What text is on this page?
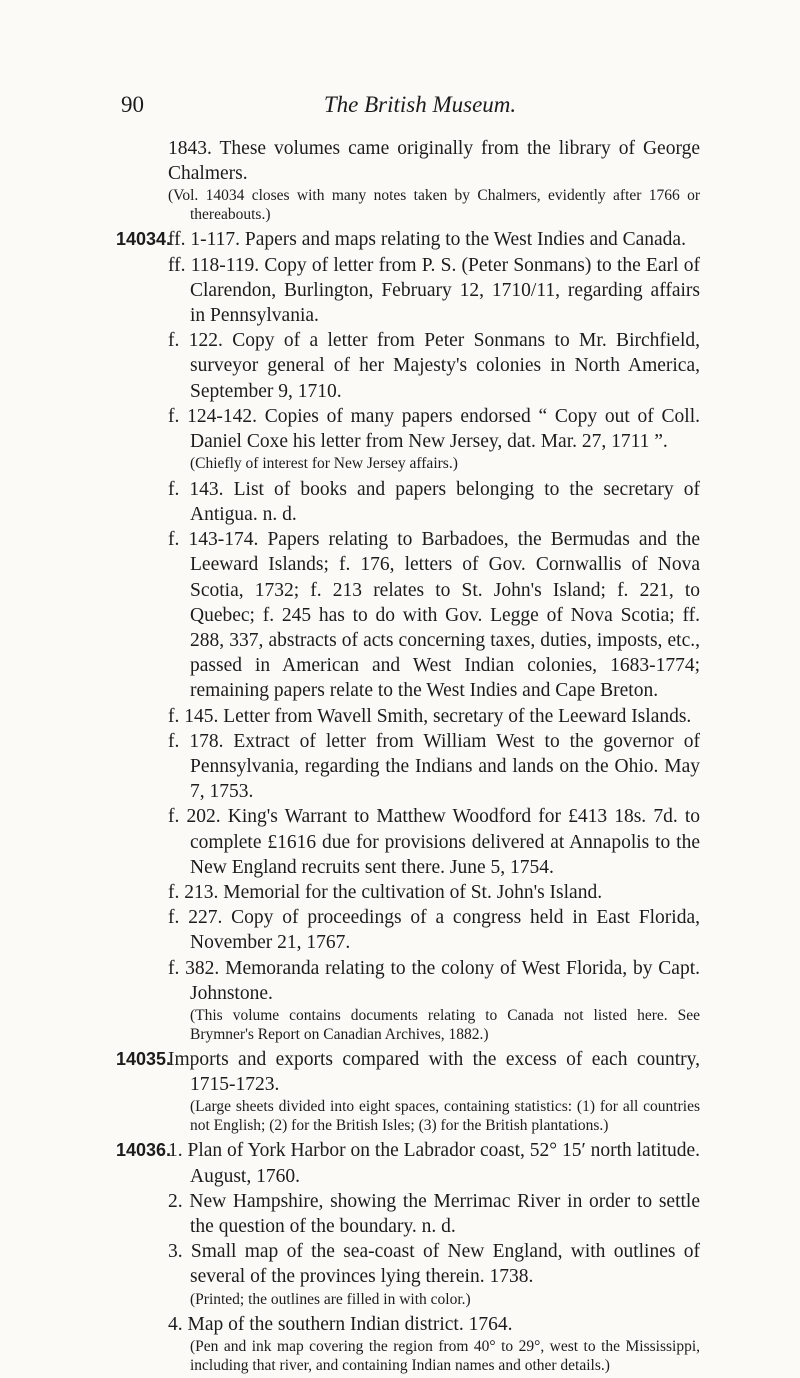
90	The British Museum.

1843. These volumes came originally from the library of George Chalmers.

(Vol. 14034 closes with many notes taken by Chalmers, evidently after 1766 or thereabouts.)

14034.

ff. 1-117. Papers and maps relating to the West Indies and Canada.

ff. 118-119. Copy of letter from P. S. (Peter Sonmans) to the Earl of Clarendon, Burlington, February 12, 1710/11, regarding affairs in Pennsylvania.

f. 122. Copy of a letter from Peter Sonmans to Mr. Birchfield, surveyor general of her Majesty's colonies in North America, September 9, 1710.

f. 124-142. Copies of many papers endorsed “ Copy out of Coll. Daniel Coxe his letter from New Jersey, dat. Mar. 27, 1711 ”.

(Chiefly of interest for New Jersey affairs.)

f. 143. List of books and papers belonging to the secretary of Antigua. n. d.

f. 143-174. Papers relating to Barbadoes, the Bermudas and the Leeward Islands; f. 176, letters of Gov. Cornwallis of Nova Scotia, 1732; f. 213 relates to St. John's Island; f. 221, to Quebec; f. 245 has to do with Gov. Legge of Nova Scotia; ff. 288, 337, abstracts of acts concerning taxes, duties, imposts, etc., passed in American and West Indian colonies, 1683-1774; remaining papers relate to the West Indies and Cape Breton.

f. 145. Letter from Wavell Smith, secretary of the Leeward Islands.

f. 178. Extract of letter from William West to the governor of Pennsylvania, regarding the Indians and lands on the Ohio. May 7, 1753.

f. 202. King's Warrant to Matthew Woodford for £413 18s. 7d. to complete £1616 due for provisions delivered at Annapolis to the New England recruits sent there. June 5, 1754.

f. 213. Memorial for the cultivation of St. John's Island.

f. 227. Copy of proceedings of a congress held in East Florida, November 21, 1767.

f. 382. Memoranda relating to the colony of West Florida, by Capt. Johnstone.

(This volume contains documents relating to Canada not listed here. See Brymner's Report on Canadian Archives, 1882.)

14035.

Imports and exports compared with the excess of each country, 1715-1723.

(Large sheets divided into eight spaces, containing statistics: (1) for all countries not English; (2) for the British Isles; (3) for the British plantations.)

14036.

1. Plan of York Harbor on the Labrador coast, 52° 15′ north latitude. August, 1760.

2. New Hampshire, showing the Merrimac River in order to settle the question of the boundary. n. d.

3. Small map of the sea-coast of New England, with outlines of several of the provinces lying therein. 1738.

(Printed; the outlines are filled in with color.)

4. Map of the southern Indian district. 1764.

(Pen and ink map covering the region from 40° to 29°, west to the Mississippi, including that river, and containing Indian names and other details.)
